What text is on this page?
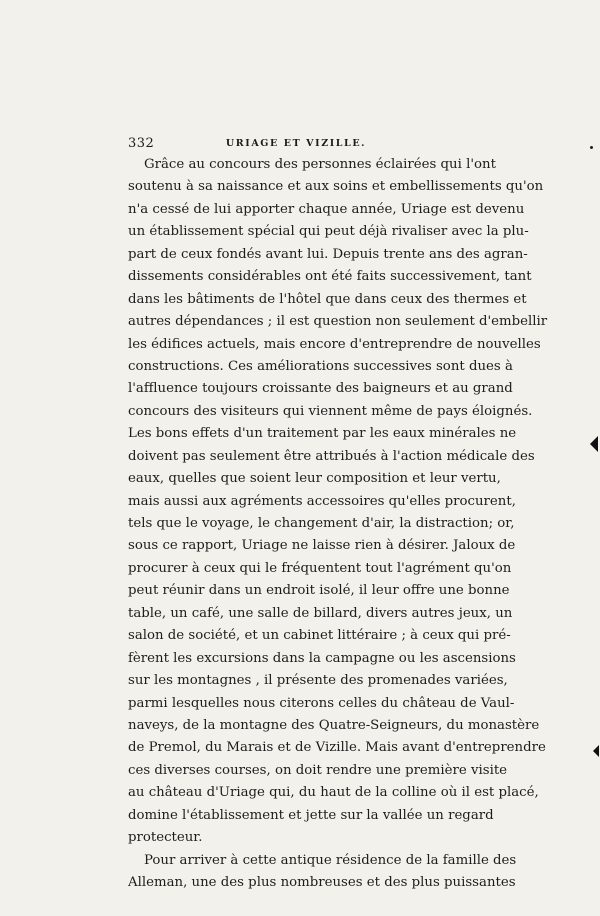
332	URIAGE ET VIZILLE.
Grâce au concours des personnes éclairées qui l'ont
soutenu à sa naissance et aux soins et embellissements qu'on
n'a cessé de lui apporter chaque année, Uriage est devenu
un établissement spécial qui peut déjà rivaliser avec la plu-
part de ceux fondés avant lui. Depuis trente ans des agran-
dissements considérables ont été faits successivement, tant
dans les bâtiments de l'hôtel que dans ceux des thermes et
autres dépendances ; il est question non seulement d'embellir
les édifices actuels, mais encore d'entreprendre de nouvelles
constructions. Ces améliorations successives sont dues à
l'affluence toujours croissante des baigneurs et au grand
concours des visiteurs qui viennent même de pays éloignés.
Les bons effets d'un traitement par les eaux minérales ne
doivent pas seulement être attribués à l'action médicale des
eaux, quelles que soient leur composition et leur vertu,
mais aussi aux agréments accessoires qu'elles procurent,
tels que le voyage, le changement d'air, la distraction; or,
sous ce rapport, Uriage ne laisse rien à désirer. Jaloux de
procurer à ceux qui le fréquentent tout l'agrément qu'on
peut réunir dans un endroit isolé, il leur offre une bonne
table, un café, une salle de billard, divers autres jeux, un
salon de société, et un cabinet littéraire ; à ceux qui pré-
fèrent les excursions dans la campagne ou les ascensions
sur les montagnes , il présente des promenades variées,
parmi lesquelles nous citerons celles du château de Vaul-
naveys, de la montagne des Quatre-Seigneurs, du monastère
de Premol, du Marais et de Vizille. Mais avant d'entreprendre
ces diverses courses, on doit rendre une première visite
au château d'Uriage qui, du haut de la colline où il est placé,
domine l'établissement et jette sur la vallée un regard
protecteur.
Pour arriver à cette antique résidence de la famille des
Alleman, une des plus nombreuses et des plus puissantes
